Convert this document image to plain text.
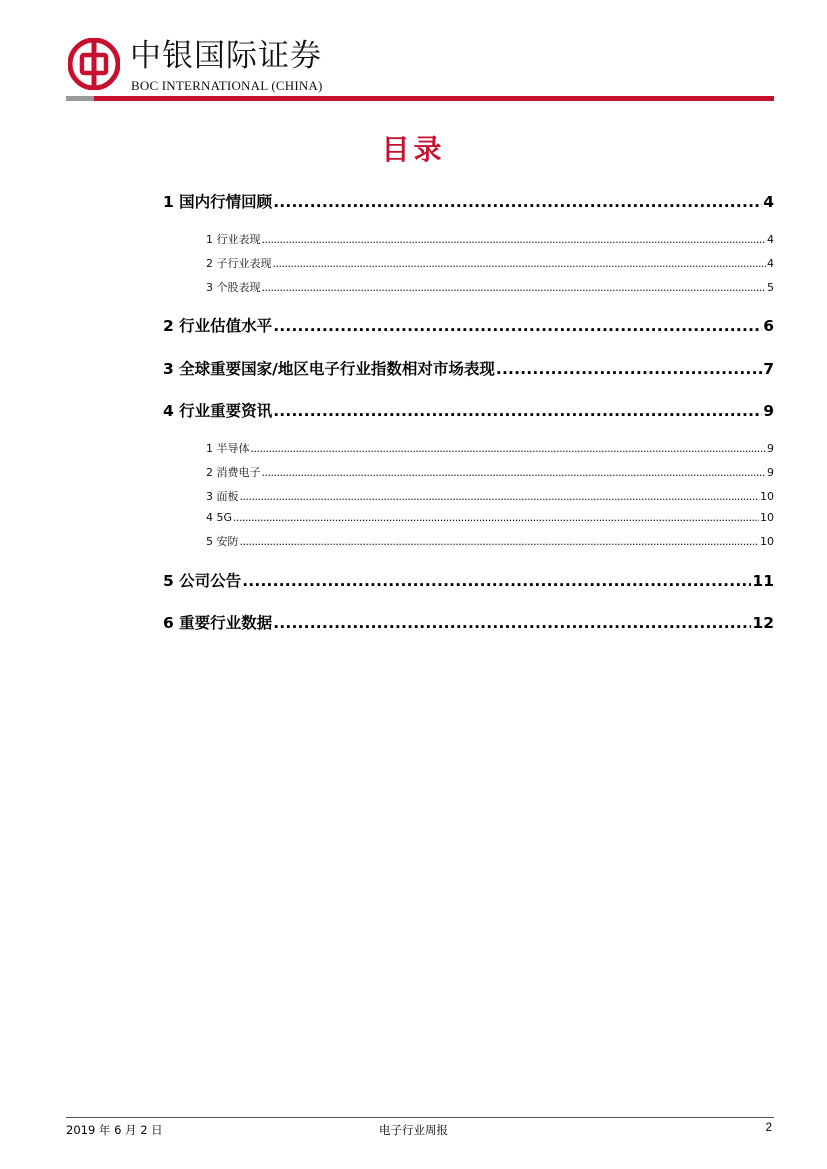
中银国际证券
BOC INTERNATIONAL (CHINA)
目录
1 国内行情回顾 .....	4
1 行业表现 .....	4
2 子行业表现 .....	4
3 个股表现 .....	5
2 行业估值水平 .....	6
3 全球重要国家/地区电子行业指数相对市场表现 .....	7
4 行业重要资讯 .....	9
1 半导体 .....	9
2 消费电子 .....	9
3 面板 .....	10
4 5G .....	10
5 安防 .....	10
5 公司公告 .....	11
6 重要行业数据 .....	12
2019 年 6 月 2 日	电子行业周报	2
